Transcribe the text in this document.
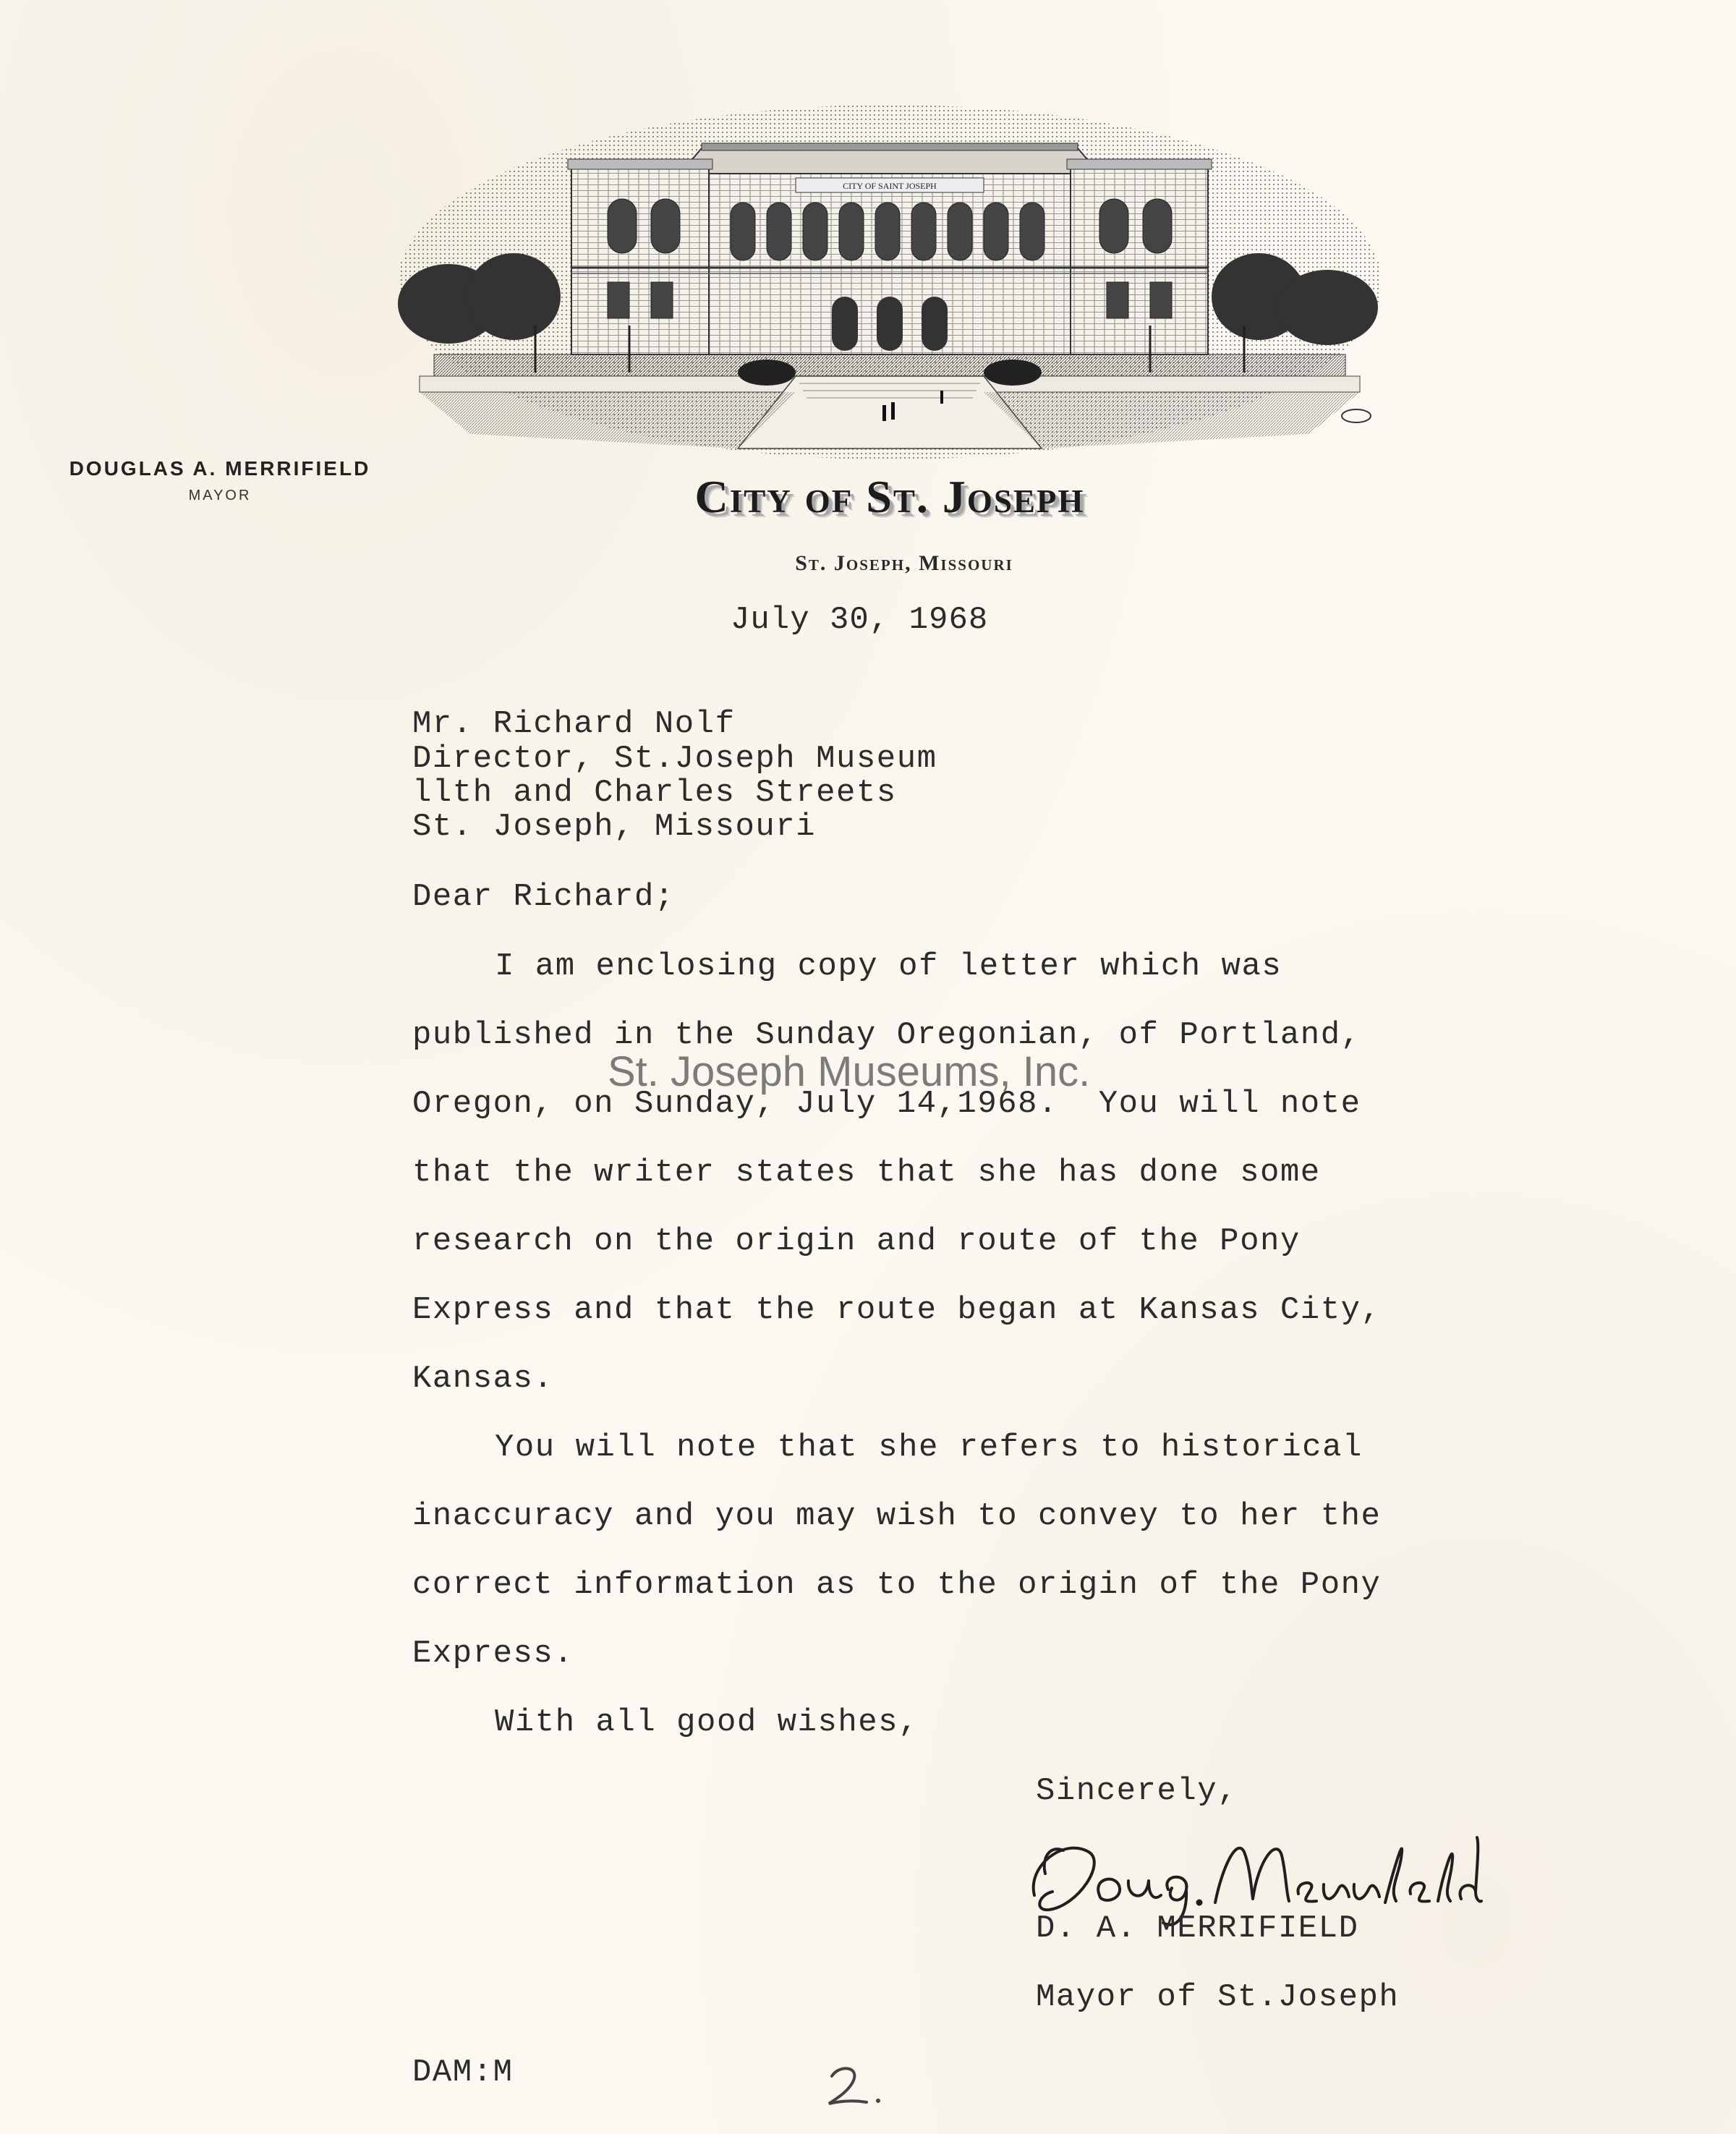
CITY OF SAINT JOSEPH
DOUGLAS A. MERRIFIELD
MAYOR	City of St. Joseph
St. Joseph, Missouri
July 30, 1968
Mr. Richard Nolf
Director, St.Joseph Museum
llth and Charles Streets
St. Joseph, Missouri
Dear Richard;
I am enclosing copy of letter which was
published in the Sunday Oregonian, of Portland,
Oregon, on Sunday, July 14,1968.  You will note
that the writer states that she has done some
research on the origin and route of the Pony
Express and that the route began at Kansas City,
Kansas.
You will note that she refers to historical
inaccuracy and you may wish to convey to her the
correct information as to the origin of the Pony
Express.
With all good wishes,
Sincerely,
D. A. MERRIFIELD
Mayor of St.Joseph
DAM:M
St. Joseph Museums, Inc.
